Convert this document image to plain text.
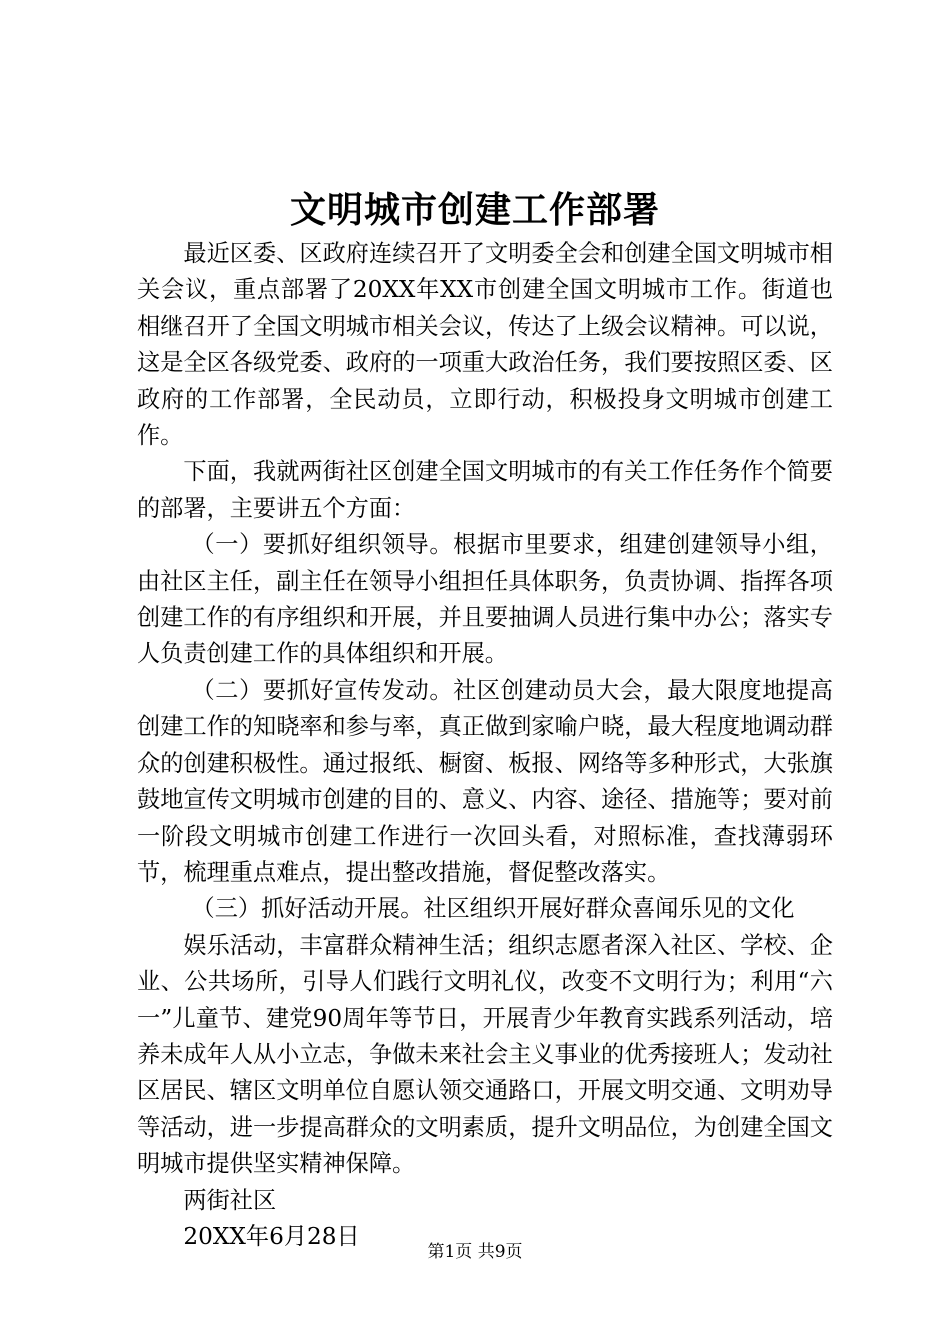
文明城市创建工作部署

最近区委、区政府连续召开了文明委全会和创建全国文明城市相关会议，重点部署了20XX年XX市创建全国文明城市工作。街道也相继召开了全国文明城市相关会议，传达了上级会议精神。可以说，这是全区各级党委、政府的一项重大政治任务，我们要按照区委、区政府的工作部署，全民动员，立即行动，积极投身文明城市创建工作。

下面，我就两街社区创建全国文明城市的有关工作任务作个简要的部署，主要讲五个方面：

（一）要抓好组织领导。根据市里要求，组建创建领导小组，由社区主任，副主任在领导小组担任具体职务，负责协调、指挥各项创建工作的有序组织和开展，并且要抽调人员进行集中办公；落实专人负责创建工作的具体组织和开展。

（二）要抓好宣传发动。社区创建动员大会，最大限度地提高创建工作的知晓率和参与率，真正做到家喻户晓，最大程度地调动群众的创建积极性。通过报纸、橱窗、板报、网络等多种形式，大张旗鼓地宣传文明城市创建的目的、意义、内容、途径、措施等；要对前一阶段文明城市创建工作进行一次回头看，对照标准，查找薄弱环节，梳理重点难点，提出整改措施，督促整改落实。

（三）抓好活动开展。社区组织开展好群众喜闻乐见的文化

娱乐活动，丰富群众精神生活；组织志愿者深入社区、学校、企业、公共场所，引导人们践行文明礼仪，改变不文明行为；利用“六一”儿童节、建党90周年等节日，开展青少年教育实践系列活动，培养未成年人从小立志，争做未来社会主义事业的优秀接班人；发动社区居民、辖区文明单位自愿认领交通路口，开展文明交通、文明劝导等活动，进一步提高群众的文明素质，提升文明品位，为创建全国文明城市提供坚实精神保障。

两街社区

20XX年6月28日

第1页 共9页
